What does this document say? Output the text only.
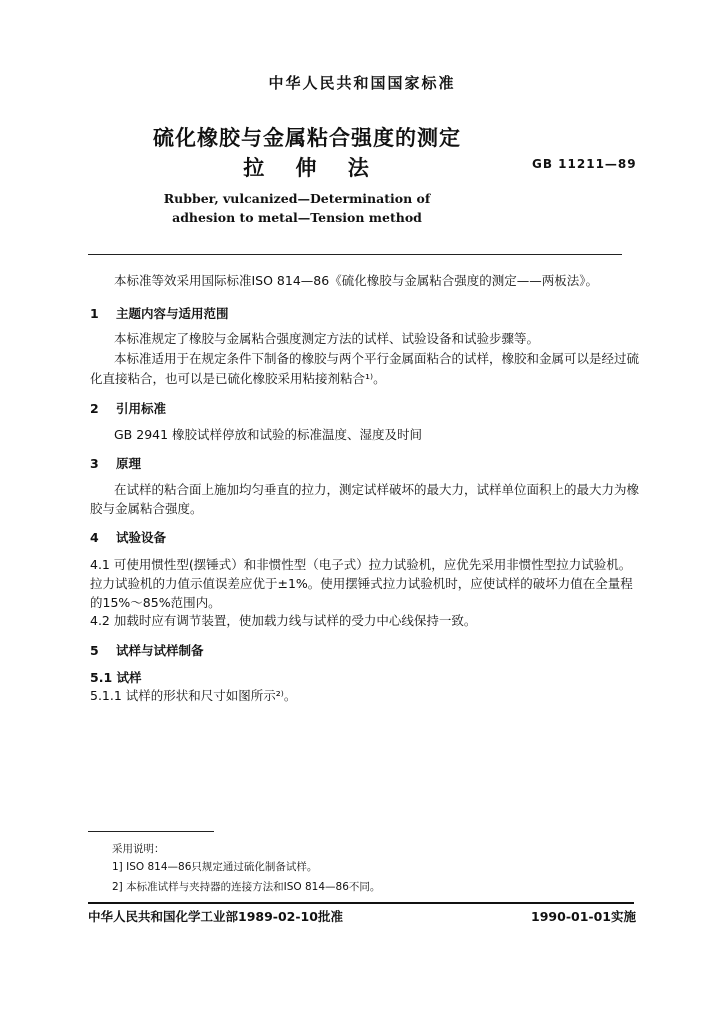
中华人民共和国国家标准
硫化橡胶与金属粘合强度的测定
拉 伸 法	GB 11211—89
Rubber, vulcanized—Determination of
adhesion to metal—Tension method
本标准等效采用国际标准ISO 814—86《硫化橡胶与金属粘合强度的测定——两板法》。
1 主题内容与适用范围
本标准规定了橡胶与金属粘合强度测定方法的试样、试验设备和试验步骤等。
本标准适用于在规定条件下制备的橡胶与两个平行金属面粘合的试样，橡胶和金属可以是经过硫
化直接粘合，也可以是已硫化橡胶采用粘接剂粘合¹⁾。
2 引用标准
GB 2941 橡胶试样停放和试验的标准温度、湿度及时间
3 原理
在试样的粘合面上施加均匀垂直的拉力，测定试样破坏的最大力，试样单位面积上的最大力为橡
胶与金属粘合强度。
4 试验设备
4.1 可使用惯性型(摆锤式）和非惯性型（电子式）拉力试验机，应优先采用非惯性型拉力试验机。
拉力试验机的力值示值误差应优于±1%。使用摆锤式拉力试验机时，应使试样的破坏力值在全量程
的15%～85%范围内。
4.2 加载时应有调节装置，使加载力线与试样的受力中心线保持一致。
5 试样与试样制备
5.1 试样
5.1.1 试样的形状和尺寸如图所示²⁾。
采用说明：
1] ISO 814—86只规定通过硫化制备试样。
2] 本标准试样与夹持器的连接方法和ISO 814—86不同。
中华人民共和国化学工业部1989-02-10批准	1990-01-01实施
